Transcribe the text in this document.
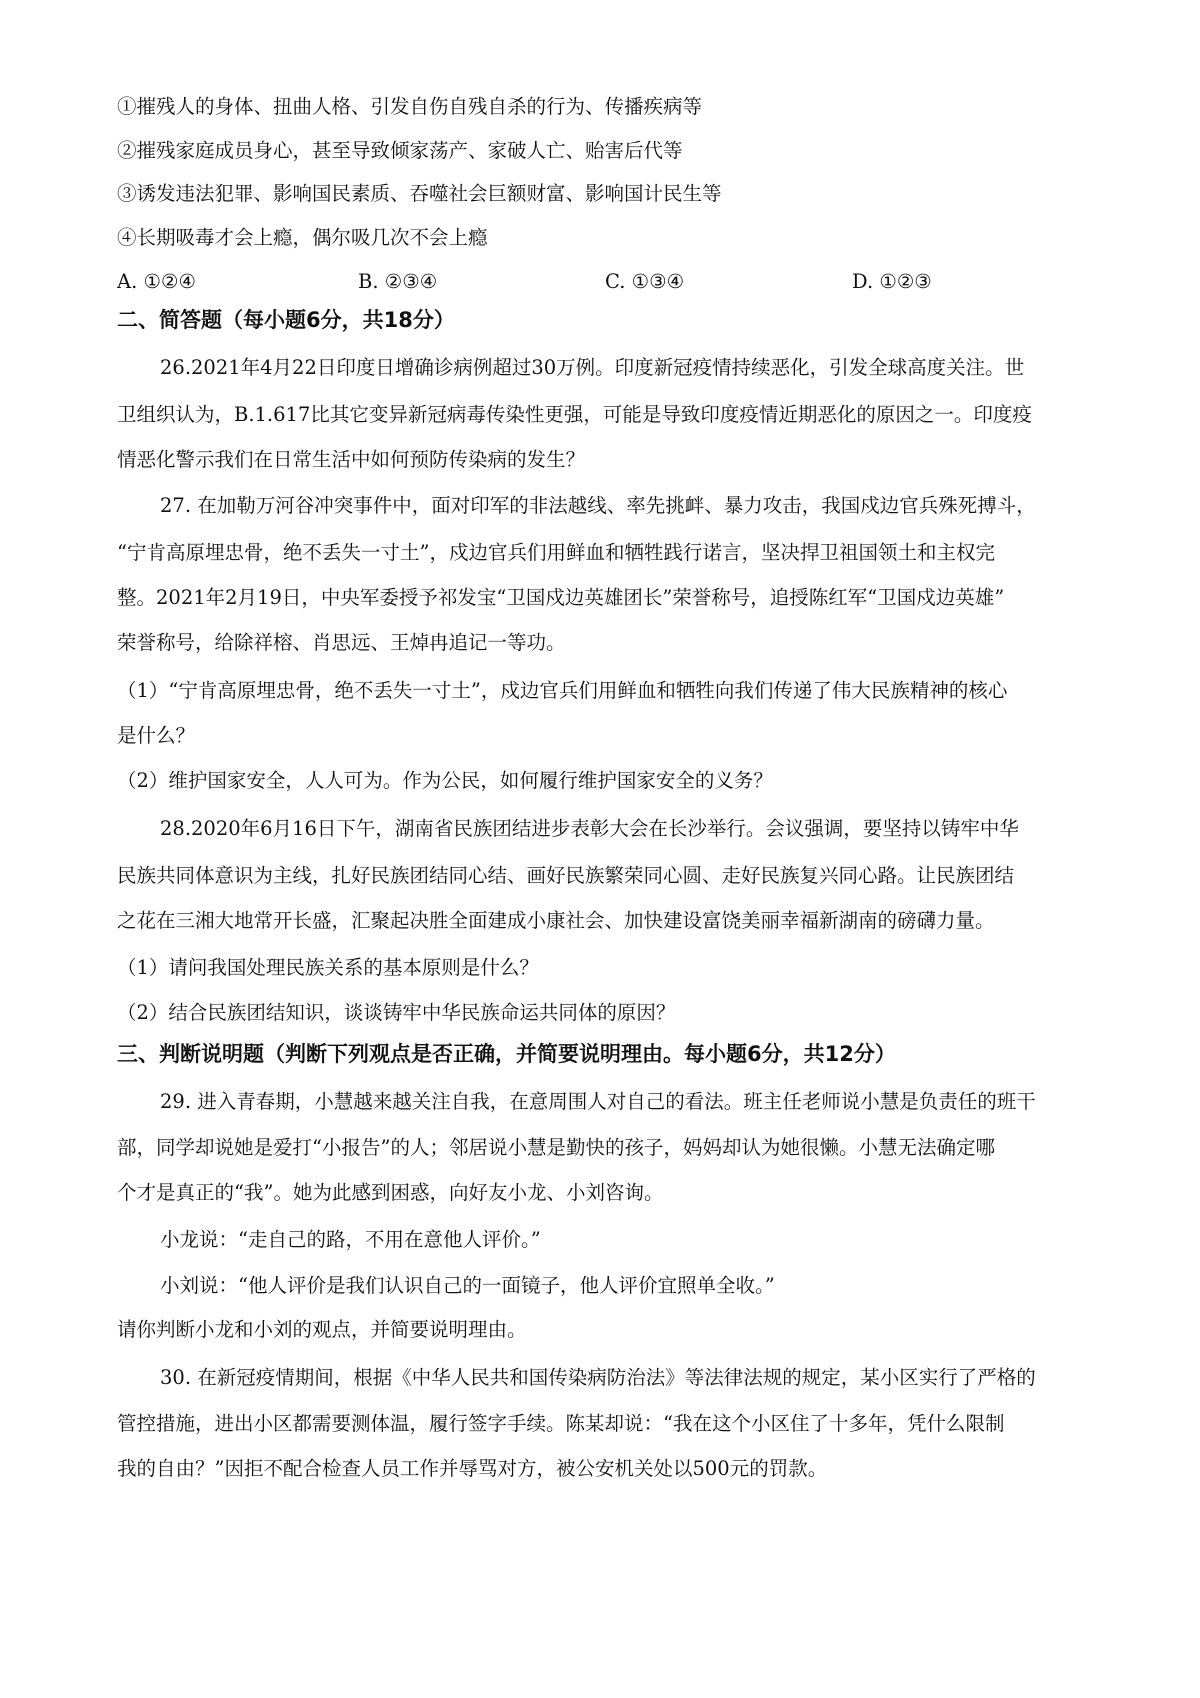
①摧残人的身体、扭曲人格、引发自伤自残自杀的行为、传播疾病等
②摧残家庭成员身心，甚至导致倾家荡产、家破人亡、贻害后代等
③诱发违法犯罪、影响国民素质、吞噬社会巨额财富、影响国计民生等
④长期吸毒才会上瘾，偶尔吸几次不会上瘾
A. ①②④	B. ②③④	C. ①③④	D. ①②③
二、简答题（每小题6分，共18分）
26.2021年4月22日印度日增确诊病例超过30万例。印度新冠疫情持续恶化，引发全球高度关注。世
卫组织认为，B.1.617比其它变异新冠病毒传染性更强，可能是导致印度疫情近期恶化的原因之一。印度疫
情恶化警示我们在日常生活中如何预防传染病的发生？
27. 在加勒万河谷冲突事件中，面对印军的非法越线、率先挑衅、暴力攻击，我国戍边官兵殊死搏斗，
“宁肯高原埋忠骨，绝不丢失一寸土”，戍边官兵们用鲜血和牺牲践行诺言，坚决捍卫祖国领土和主权完
整。2021年2月19日，中央军委授予祁发宝“卫国戍边英雄团长”荣誉称号，追授陈红军“卫国戍边英雄”
荣誉称号，给除祥榕、肖思远、王焯冉追记一等功。
（1）“宁肯高原埋忠骨，绝不丢失一寸土”，戍边官兵们用鲜血和牺牲向我们传递了伟大民族精神的核心
是什么？
（2）维护国家安全，人人可为。作为公民，如何履行维护国家安全的义务？
28.2020年6月16日下午，湖南省民族团结进步表彰大会在长沙举行。会议强调，要坚持以铸牢中华
民族共同体意识为主线，扎好民族团结同心结、画好民族繁荣同心圆、走好民族复兴同心路。让民族团结
之花在三湘大地常开长盛，汇聚起决胜全面建成小康社会、加快建设富饶美丽幸福新湖南的磅礴力量。
（1）请问我国处理民族关系的基本原则是什么？
（2）结合民族团结知识，谈谈铸牢中华民族命运共同体的原因？
三、判断说明题（判断下列观点是否正确，并简要说明理由。每小题6分，共12分）
29. 进入青春期，小慧越来越关注自我，在意周围人对自己的看法。班主任老师说小慧是负责任的班干
部，同学却说她是爱打“小报告”的人；邻居说小慧是勤快的孩子，妈妈却认为她很懒。小慧无法确定哪
个才是真正的“我”。她为此感到困惑，向好友小龙、小刘咨询。
小龙说：“走自己的路，不用在意他人评价。”
小刘说：“他人评价是我们认识自己的一面镜子，他人评价宜照单全收。”
请你判断小龙和小刘的观点，并简要说明理由。
30. 在新冠疫情期间，根据《中华人民共和国传染病防治法》等法律法规的规定，某小区实行了严格的
管控措施，进出小区都需要测体温，履行签字手续。陈某却说：“我在这个小区住了十多年，凭什么限制
我的自由？”因拒不配合检查人员工作并辱骂对方，被公安机关处以500元的罚款。
